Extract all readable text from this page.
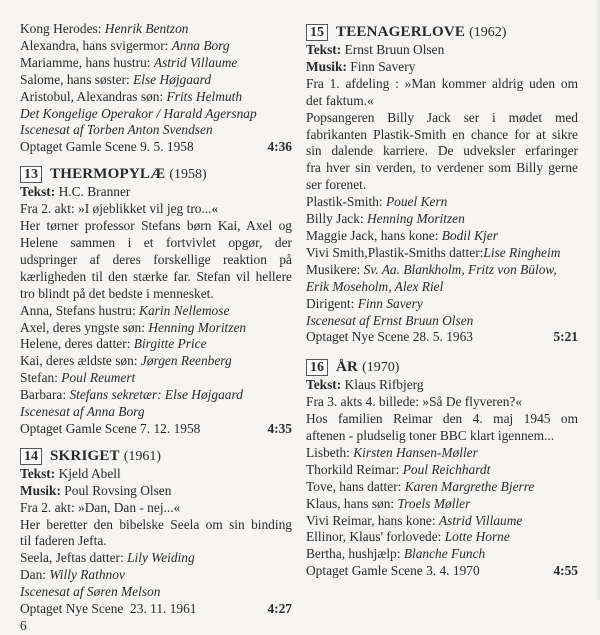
Kong Herodes: Henrik Bentzon
Alexandra, hans svigermor: Anna Borg
Mariamme, hans hustru: Astrid Villaume
Salome, hans søster: Else Højgaard
Aristobul, Alexandras søn: Frits Helmuth
Det Kongelige Operakor / Harald Agersnap
Iscenesat af Torben Anton Svendsen
Optaget Gamle Scene 9. 5. 1958	4:36
13 THERMOPYLÆ (1958)
Tekst: H.C. Branner
Fra 2. akt: »I øjeblikket vil jeg tro...«
Her tørner professor Stefans børn Kai, Axel og
Helene sammen i et fortvivlet opgør, der
udspringer af deres forskellige reaktion på
kærligheden til den stærke far. Stefan vil hellere
tro blindt på det bedste i mennesket.
Anna, Stefans hustru: Karin Nellemose
Axel, deres yngste søn: Henning Moritzen
Helene, deres datter: Birgitte Price
Kai, deres ældste søn: Jørgen Reenberg
Stefan: Poul Reumert
Barbara: Stefans sekretær: Else Højgaard
Iscenesat af Anna Borg
Optaget Gamle Scene 7. 12. 1958	4:35
14 SKRIGET (1961)
Tekst: Kjeld Abell
Musik: Poul Rovsing Olsen
Fra 2. akt: »Dan, Dan - nej...«
Her beretter den bibelske Seela om sin binding
til faderen Jefta.
Seela, Jeftas datter: Lily Weiding
Dan: Willy Rathnov
Iscenesat af Søren Melson
Optaget Nye Scene  23. 11. 1961	4:27
6
15 TEENAGERLOVE (1962)
Tekst: Ernst Bruun Olsen
Musik: Finn Savery
Fra 1. afdeling : »Man kommer aldrig uden om
det faktum.«
Popsangeren Billy Jack ser i mødet med
fabrikanten Plastik-Smith en chance for at sikre
sin dalende karriere. De udveksler erfaringer
fra hver sin verden, to verdener som Billy gerne
ser forenet.
Plastik-Smith: Pouel Kern
Billy Jack: Henning Moritzen
Maggie Jack, hans kone: Bodil Kjer
Vivi Smith,Plastik-Smiths datter:Lise Ringheim
Musikere: Sv. Aa. Blankholm, Fritz von Bülow,
Erik Moseholm, Alex Riel
Dirigent: Finn Savery
Iscenesat af Ernst Bruun Olsen
Optaget Nye Scene 28. 5. 1963	5:21
16 ÅR (1970)
Tekst: Klaus Rifbjerg
Fra 3. akts 4. billede: »Så De flyveren?«
Hos familien Reimar den 4. maj 1945 om
aftenen - pludselig toner BBC klart igennem...
Lisbeth: Kirsten Hansen-Møller
Thorkild Reimar: Poul Reichhardt
Tove, hans datter: Karen Margrethe Bjerre
Klaus, hans søn: Troels Møller
Vivi Reimar, hans kone: Astrid Villaume
Ellinor, Klaus' forlovede: Lotte Horne
Bertha, hushjælp: Blanche Funch
Optaget Gamle Scene 3. 4. 1970	4:55
